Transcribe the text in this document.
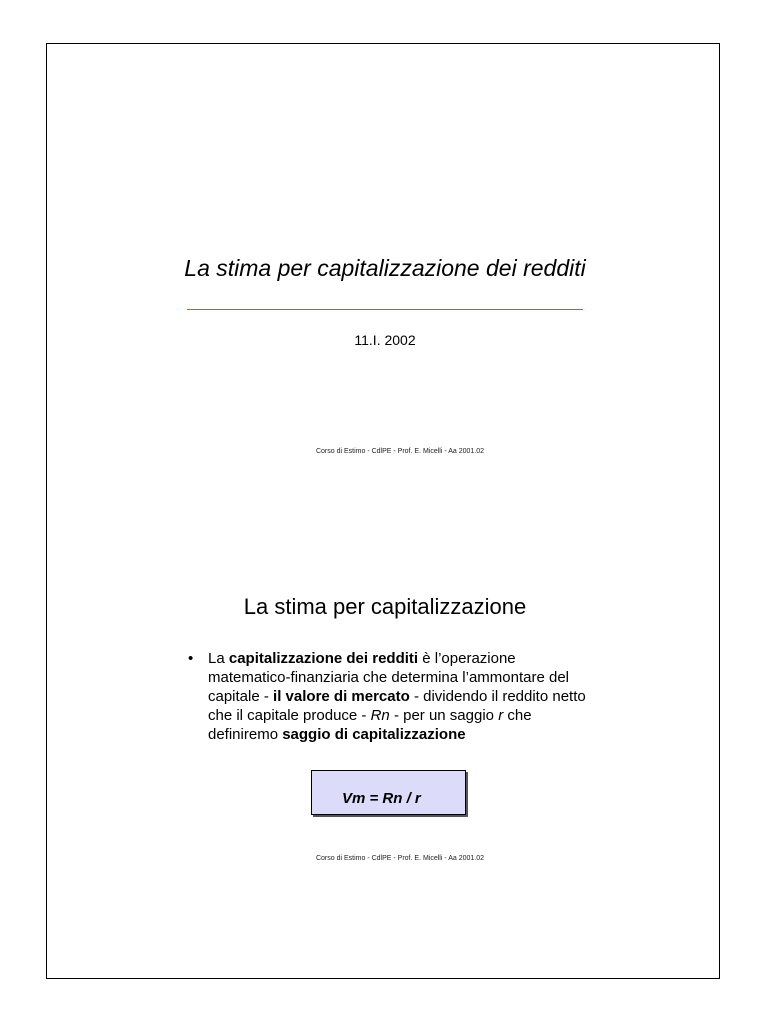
La stima per capitalizzazione dei redditi
11.I. 2002
Corso di Estimo - CdlPE - Prof. E. Micelli - Aa 2001.02
La stima per capitalizzazione
• La capitalizzazione dei redditi è l’operazione matematico-finanziaria che determina l’ammontare del capitale - il valore di mercato - dividendo il reddito netto che il capitale produce - Rn - per un saggio r che definiremo saggio di capitalizzazione
Vm = Rn / r
Corso di Estimo - CdlPE - Prof. E. Micelli - Aa 2001.02
